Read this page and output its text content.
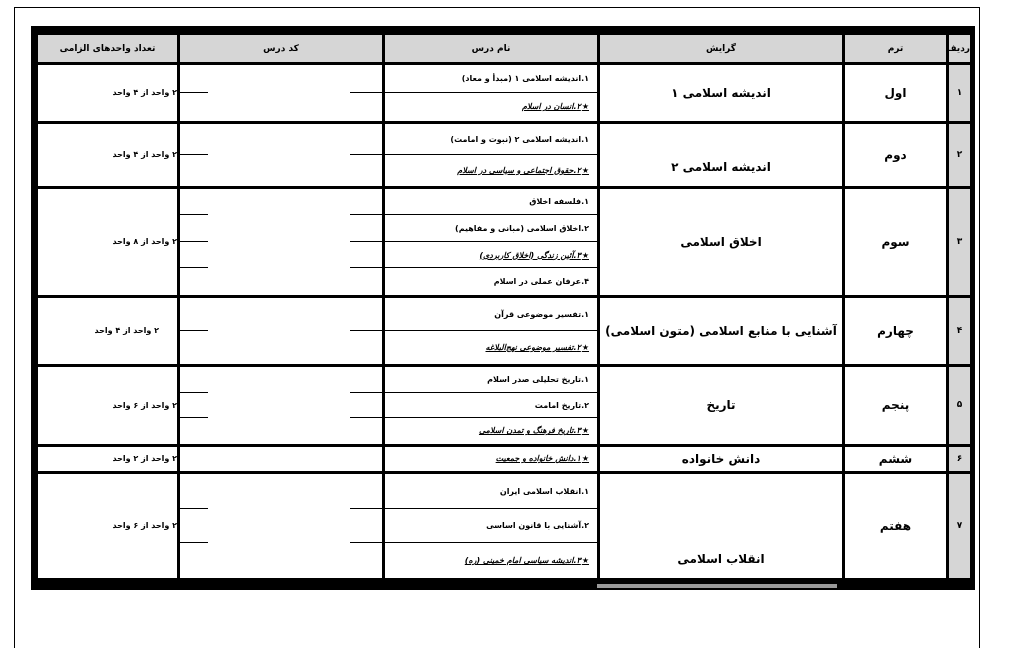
ردیف	ترم	گرایش	نام درس	کد درس	تعداد واحدهای الزامی
۱	اول	اندیشه اسلامی ۱	۱.اندیشه اسلامی ۱ (مبدأ و معاد)
★
۲.انسان در اسلام		۲ واحد از ۴ واحد
۲	دوم	اندیشه اسلامی ۲	۱.اندیشه اسلامی ۲ (نبوت و امامت)
★
۲.حقوق اجتماعی و سیاسی در اسلام		۲ واحد از ۴ واحد
۳	سوم	اخلاق اسلامی	۱.فلسفه اخلاق
۲.اخلاق اسلامی (مبانی و مفاهیم)
★
۳.آئین زندگی (اخلاق کاربردی)
۴.عرفان عملی در اسلام		۲ واحد از ۸ واحد
۴	چهارم	آشنایی با منابع اسلامی (متون اسلامی)	۱.تفسیر موضوعی قرآن
★
۲.تفسیر موضوعی نهج‌البلاغه		۲ واحد از ۴ واحد
۵	پنجم	تاریخ	۱.تاریخ تحلیلی صدر اسلام
۲.تاریخ امامت
★
۳.تاریخ فرهنگ و تمدن اسلامی		۲ واحد از ۶ واحد
۶	ششم	دانش خانواده	★
۱.دانش خانواده و جمعیت		۲ واحد از ۲ واحد
۷	هفتم	انقلاب اسلامی	۱.انقلاب اسلامی ایران
۲.آشنایی با قانون اساسی
★
۳.اندیشه سیاسی امام خمینی (ره)		۲ واحد از ۶ واحد
